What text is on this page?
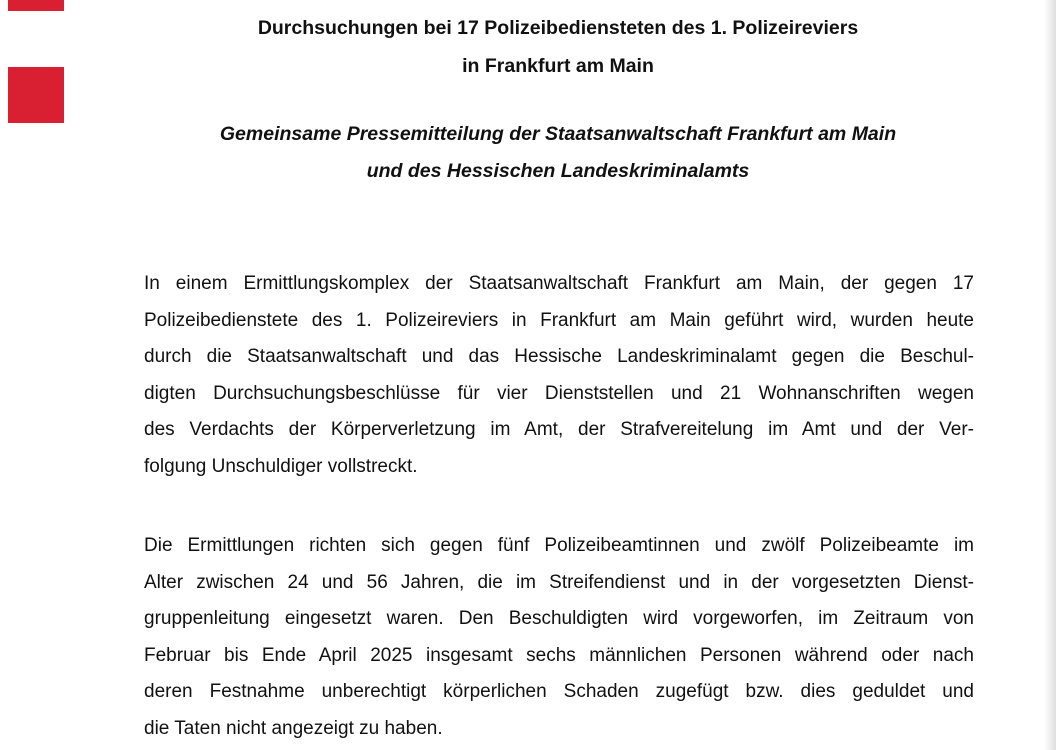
Durchsuchungen bei 17 Polizeibediensteten des 1. Polizeireviers
in Frankfurt am Main
Gemeinsame Pressemitteilung der Staatsanwaltschaft Frankfurt am Main
und des Hessischen Landeskriminalamts

In einem Ermittlungskomplex der Staatsanwaltschaft Frankfurt am Main, der gegen 17
Polizeibedienstete des 1. Polizeireviers in Frankfurt am Main geführt wird, wurden heute
durch die Staatsanwaltschaft und das Hessische Landeskriminalamt gegen die Beschul-
digten Durchsuchungsbeschlüsse für vier Dienststellen und 21 Wohnanschriften wegen
des Verdachts der Körperverletzung im Amt, der Strafvereitelung im Amt und der Ver-
folgung Unschuldiger vollstreckt.

Die Ermittlungen richten sich gegen fünf Polizeibeamtinnen und zwölf Polizeibeamte im
Alter zwischen 24 und 56 Jahren, die im Streifendienst und in der vorgesetzten Dienst-
gruppenleitung eingesetzt waren. Den Beschuldigten wird vorgeworfen, im Zeitraum von
Februar bis Ende April 2025 insgesamt sechs männlichen Personen während oder nach
deren Festnahme unberechtigt körperlichen Schaden zugefügt bzw. dies geduldet und
die Taten nicht angezeigt zu haben.
